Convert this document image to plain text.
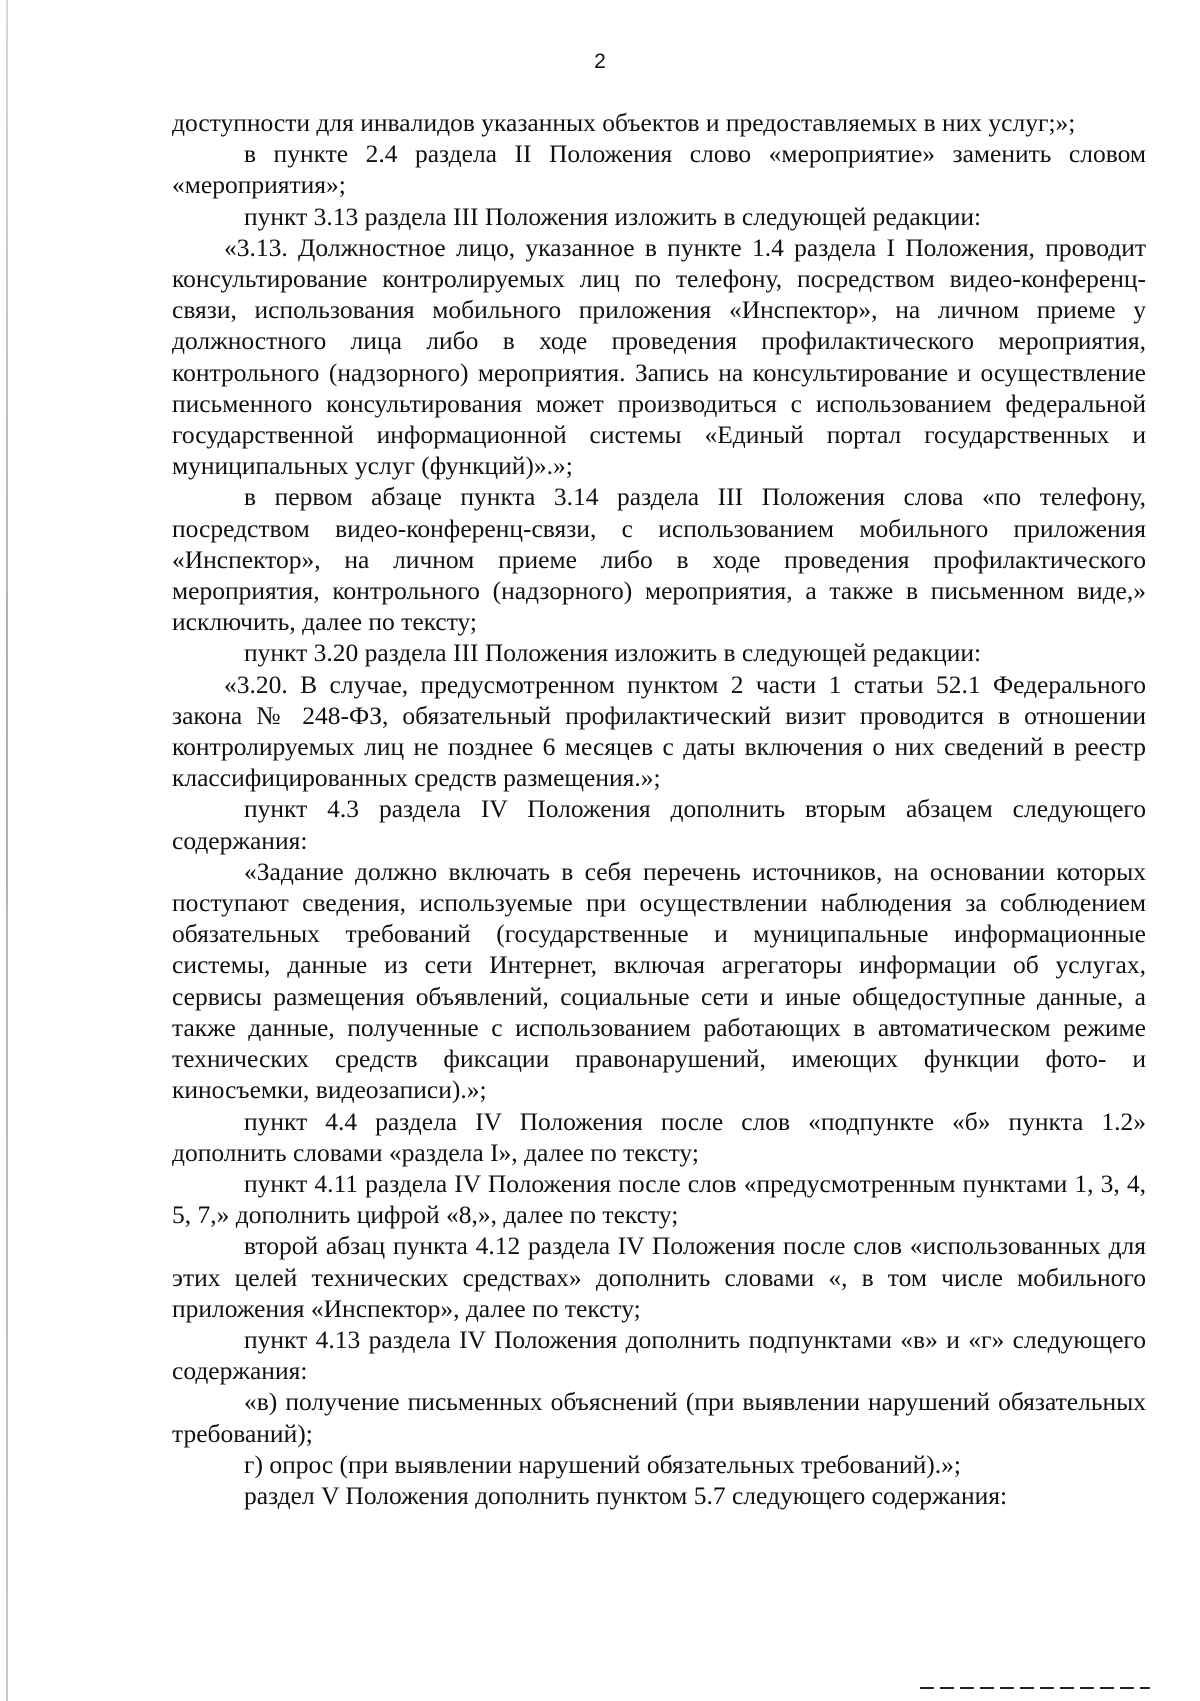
2

доступности для инвалидов указанных объектов и предоставляемых в них услуг;»;

в пункте 2.4 раздела II Положения слово «мероприятие» заменить словом «мероприятия»;

пункт 3.13 раздела III Положения изложить в следующей редакции:

«3.13. Должностное лицо, указанное в пункте 1.4 раздела I Положения, проводит консультирование контролируемых лиц по телефону, посредством видео-конференц-связи, использования мобильного приложения «Инспектор», на личном приеме у должностного лица либо в ходе проведения профилактического мероприятия, контрольного (надзорного) мероприятия. Запись на консультирование и осуществление письменного консультирования может производиться с использованием федеральной государственной информационной системы «Единый портал государственных и муниципальных услуг (функций)».»;

в первом абзаце пункта 3.14 раздела III Положения слова «по телефону, посредством видео-конференц-связи, с использованием мобильного приложения «Инспектор», на личном приеме либо в ходе проведения профилактического мероприятия, контрольного (надзорного) мероприятия, а также в письменном виде,» исключить, далее по тексту;

пункт 3.20 раздела III Положения изложить в следующей редакции:

«3.20. В случае, предусмотренном пунктом 2 части 1 статьи 52.1 Федерального закона № 248-ФЗ, обязательный профилактический визит проводится в отношении контролируемых лиц не позднее 6 месяцев с даты включения о них сведений в реестр классифицированных средств размещения.»;

пункт 4.3 раздела IV Положения дополнить вторым абзацем следующего содержания:

«Задание должно включать в себя перечень источников, на основании которых поступают сведения, используемые при осуществлении наблюдения за соблюдением обязательных требований (государственные и муниципальные информационные системы, данные из сети Интернет, включая агрегаторы информации об услугах, сервисы размещения объявлений, социальные сети и иные общедоступные данные, а также данные, полученные с использованием работающих в автоматическом режиме технических средств фиксации правонарушений, имеющих функции фото- и киносъемки, видеозаписи).»;

пункт 4.4 раздела IV Положения после слов «подпункте «б» пункта 1.2» дополнить словами «раздела I», далее по тексту;

пункт 4.11 раздела IV Положения после слов «предусмотренным пунктами 1, 3, 4, 5, 7,» дополнить цифрой «8,», далее по тексту;

второй абзац пункта 4.12 раздела IV Положения после слов «использованных для этих целей технических средствах» дополнить словами «, в том числе мобильного приложения «Инспектор», далее по тексту;

пункт 4.13 раздела IV Положения дополнить подпунктами «в» и «г» следующего содержания:

«в) получение письменных объяснений (при выявлении нарушений обязательных требований);

г) опрос (при выявлении нарушений обязательных требований).»;

раздел V Положения дополнить пунктом 5.7 следующего содержания:
